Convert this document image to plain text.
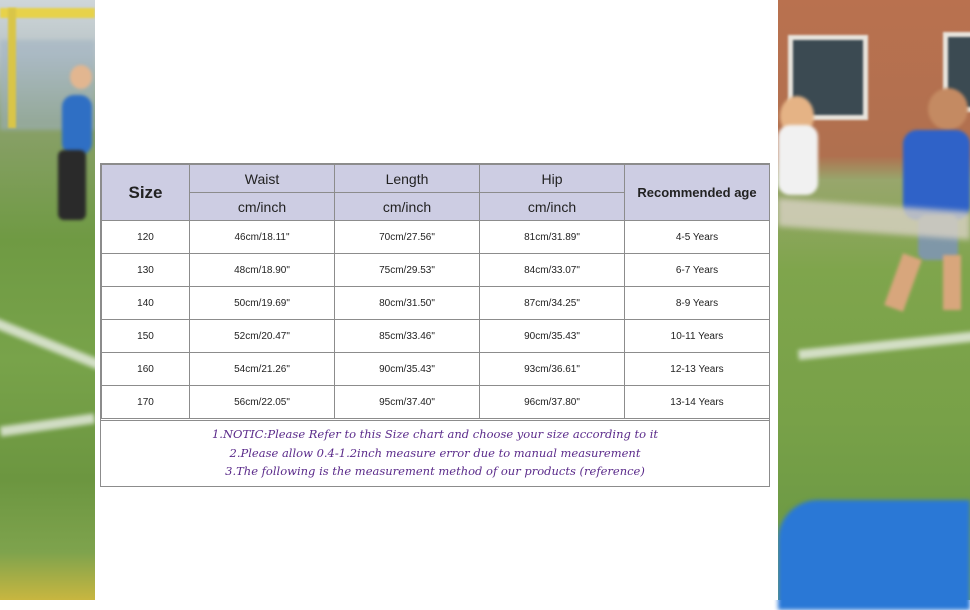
Size	Waist	Length	Hip	Recommended age
	cm/inch	cm/inch	cm/inch	
120	46cm/18.11"	70cm/27.56"	81cm/31.89"	4-5 Years
130	48cm/18.90"	75cm/29.53"	84cm/33.07"	6-7 Years
140	50cm/19.69"	80cm/31.50"	87cm/34.25"	8-9 Years
150	52cm/20.47"	85cm/33.46"	90cm/35.43"	10-11 Years
160	54cm/21.26"	90cm/35.43"	93cm/36.61"	12-13 Years
170	56cm/22.05"	95cm/37.40"	96cm/37.80"	13-14 Years
1.NOTIC:Please Refer to this Size chart and choose your size according to it
2.Please allow 0.4-1.2inch measure error due to manual measurement
3.The following is the measurement method of our products (reference)
